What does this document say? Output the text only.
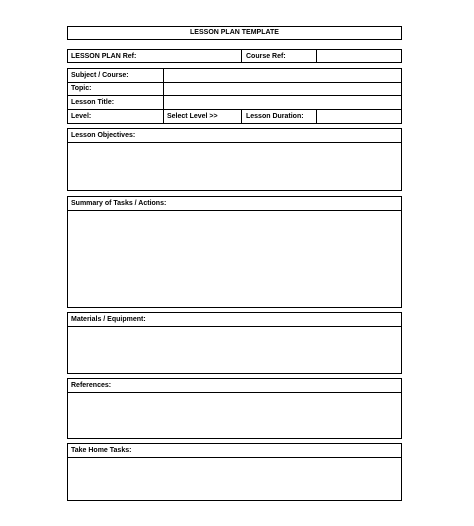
LESSON PLAN TEMPLATE
LESSON PLAN Ref:	Course Ref:
Subject / Course:
Topic:
Lesson Title:
Level:	Select Level >>	Lesson Duration:
Lesson Objectives:
Summary of Tasks / Actions:
Materials / Equipment:
References:
Take Home Tasks:
